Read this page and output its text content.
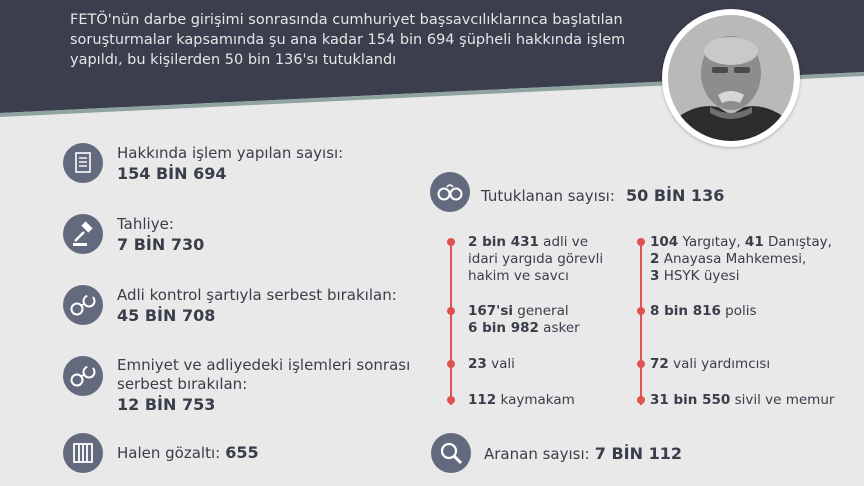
FETÖ'nün darbe girişimi sonrasında cumhuriyet başsavcılıklarınca başlatılan soruşturmalar kapsamında şu ana kadar 154 bin 694 şüpheli hakkında işlem yapıldı, bu kişilerden 50 bin 136'sı tutuklandı

Hakkında işlem yapılan sayısı:
154 BİN 694
Tahliye:
7 BİN 730
Adli kontrol şartıyla serbest bırakılan:
45 BİN 708
Emniyet ve adliyedeki işlemleri sonrası
serbest bırakılan:
12 BİN 753
Halen gözaltı: 655
Tutuklanan sayısı: 50 BİN 136
2 bin 431 adli ve
idari yargıda görevli
hakim ve savcı
167'si general
6 bin 982 asker
23 vali
112 kaymakam
104 Yargıtay, 41 Danıştay,
2 Anayasa Mahkemesi,
3 HSYK üyesi
8 bin 816 polis
72 vali yardımcısı
31 bin 550 sivil ve memur
Aranan sayısı: 7 BİN 112
